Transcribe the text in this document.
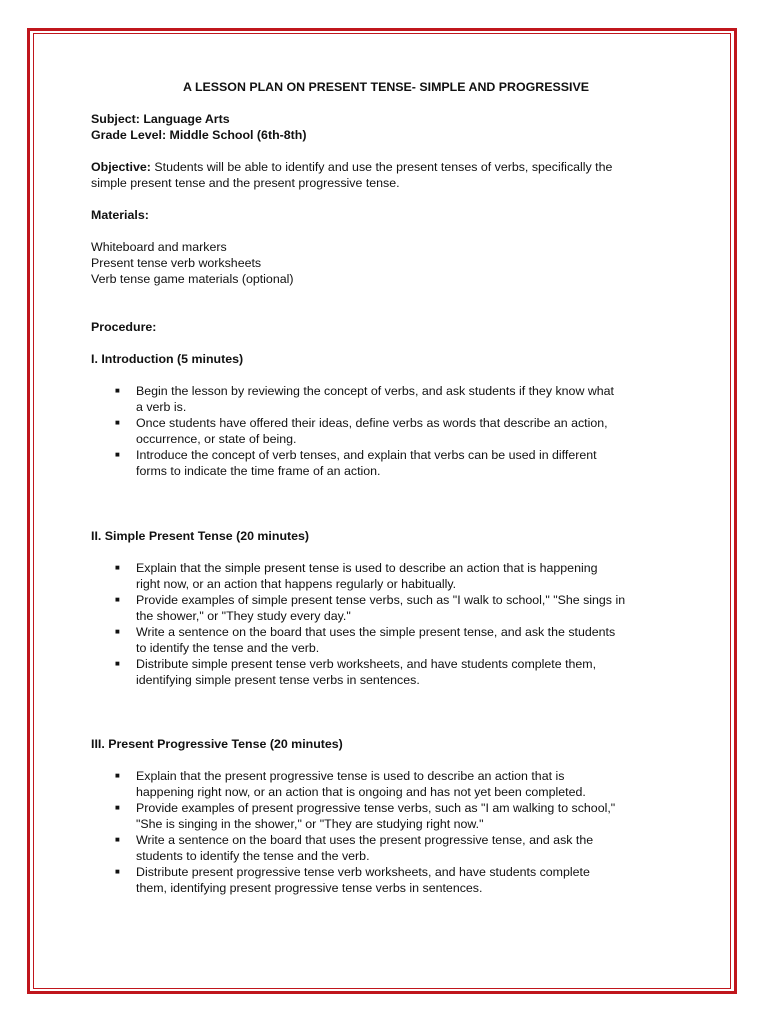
A LESSON PLAN ON PRESENT TENSE- SIMPLE AND PROGRESSIVE
Subject: Language Arts
Grade Level: Middle School (6th-8th)
Objective: Students will be able to identify and use the present tenses of verbs, specifically the
simple present tense and the present progressive tense.
Materials:
Whiteboard and markers
Present tense verb worksheets
Verb tense game materials (optional)
Procedure:
I. Introduction (5 minutes)
■ Begin the lesson by reviewing the concept of verbs, and ask students if they know what
a verb is.
■ Once students have offered their ideas, define verbs as words that describe an action,
occurrence, or state of being.
■ Introduce the concept of verb tenses, and explain that verbs can be used in different
forms to indicate the time frame of an action.
II. Simple Present Tense (20 minutes)
■ Explain that the simple present tense is used to describe an action that is happening
right now, or an action that happens regularly or habitually.
■ Provide examples of simple present tense verbs, such as "I walk to school," "She sings in
the shower," or "They study every day."
■ Write a sentence on the board that uses the simple present tense, and ask the students
to identify the tense and the verb.
■ Distribute simple present tense verb worksheets, and have students complete them,
identifying simple present tense verbs in sentences.
III. Present Progressive Tense (20 minutes)
■ Explain that the present progressive tense is used to describe an action that is
happening right now, or an action that is ongoing and has not yet been completed.
■ Provide examples of present progressive tense verbs, such as "I am walking to school,"
"She is singing in the shower," or "They are studying right now."
■ Write a sentence on the board that uses the present progressive tense, and ask the
students to identify the tense and the verb.
■ Distribute present progressive tense verb worksheets, and have students complete
them, identifying present progressive tense verbs in sentences.
